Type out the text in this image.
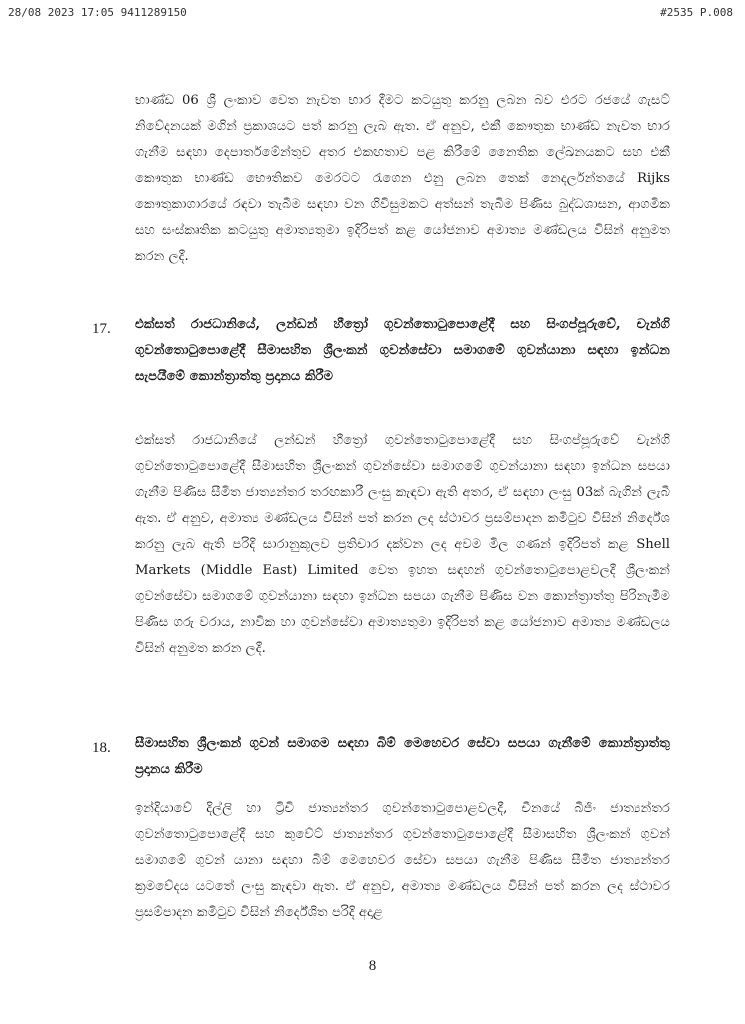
28/08 2023 17:05 9411289150	#2535 P.008
භාණ්ඩ 06 ශ්‍රී ලංකාව වෙත නැවත භාර දීමට කටයුතු කරනු ලබන බව එරට රජයේ ගැසට් නිවේදනයක් මගින් ප්‍රකාශයට පත් කරනු ලැබ ඇත. ඒ අනුව, එකී කෞතුක භාණ්ඩ නැවත භාර ගැනීම සඳහා දෙපාර්තමේන්තුව අතර එකඟතාව පළ කිරීමේ නෛතික ලේඛනයකට සහ එකී කෞතුක භාණ්ඩ භෞතිකව මෙරටට රැගෙන එනු ලබන තෙක් නෙදර්ලන්තයේ Rijks කෞතුකාගාරයේ රඳවා තැබීම සඳහා වන ගිවිසුමකට අත්සන් තැබීම පිණිස බුද්ධශාසන, ආගමික සහ සංස්කෘතික කටයුතු අමාත්‍යතුමා ඉදිරිපත් කළ යෝජනාව අමාත්‍ය මණ්ඩලය විසින් අනුමත කරන ලදී.
17. එක්සත් රාජධානියේ, ලන්ඩන් හීත්‍රෝ ගුවන්තොටුපොළේදී සහ සිංගප්පූරුවේ, චැන්ගි ගුවන්තොටුපොළේදී සීමාසහිත ශ්‍රීලංකන් ගුවන්සේවා සමාගමේ ගුවන්යානා සඳහා ඉන්ධන සැපයීමේ කොන්ත්‍රාත්තු ප්‍රදානය කිරීම
එක්සත් රාජධානියේ ලන්ඩන් හීත්‍රෝ ගුවන්තොටුපොළේදී සහ සිංගප්පූරුවේ චැන්ගි ගුවන්තොටුපොළේදී සීමාසහිත ශ්‍රීලංකන් ගුවන්සේවා සමාගමේ ගුවන්යානා සඳහා ඉන්ධන සපයා ගැනීම පිණිස සීමිත ජාත්‍යන්තර තරඟකාරී ලංසු කැඳවා ඇති අතර, ඒ සඳහා ලංසු 03ක් බැගින් ලැබී ඇත. ඒ අනුව, අමාත්‍ය මණ්ඩලය විසින් පත් කරන ලද ස්ථාවර ප්‍රසම්පාදන කමිටුව විසින් නිර්දේශ කරනු ලැබ ඇති පරිදි සාරානුකූලව ප්‍රතිචාර දක්වන ලද අවම මිල ගණන් ඉදිරිපත් කළ Shell Markets (Middle East) Limited වෙත ඉහත සඳහන් ගුවන්තොටුපොළවලදී ශ්‍රීලංකන් ගුවන්සේවා සමාගමේ ගුවන්යානා සඳහා ඉන්ධන සපයා ගැනීම පිණිස වන කොන්ත්‍රාත්තු පිරිනැමීම පිණිස ගරු වරාය, නාවික හා ගුවන්සේවා අමාත්‍යතුමා ඉදිරිපත් කළ යෝජනාව අමාත්‍ය මණ්ඩලය විසින් අනුමත කරන ලදී.
18. සීමාසහිත ශ්‍රීලංකන් ගුවන් සමාගම සඳහා බිම් මෙහෙවර සේවා සපයා ගැනීමේ කොන්ත්‍රාත්තු ප්‍රදානය කිරීම
ඉන්දියාවේ දිල්ලි හා ට්‍රිචි ජාත්‍යන්තර ගුවන්තොටුපොළවලදී, චීනයේ බීජිං ජාත්‍යන්තර ගුවන්තොටුපොළේදී සහ කුවේට් ජාත්‍යන්තර ගුවන්තොටුපොළේදී සීමාසහිත ශ්‍රීලංකන් ගුවන් සමාගමේ ගුවන් යානා සඳහා බිම් මෙහෙවර සේවා සපයා ගැනීම පිණිස සීමිත ජාත්‍යන්තර ක්‍රමවේදය යටතේ ලංසු කැඳවා ඇත. ඒ අනුව, අමාත්‍ය මණ්ඩලය විසින් පත් කරන ලද ස්ථාවර ප්‍රසම්පාදන කමිටුව විසින් නිර්දේශිත පරිදි අදාළ
8
